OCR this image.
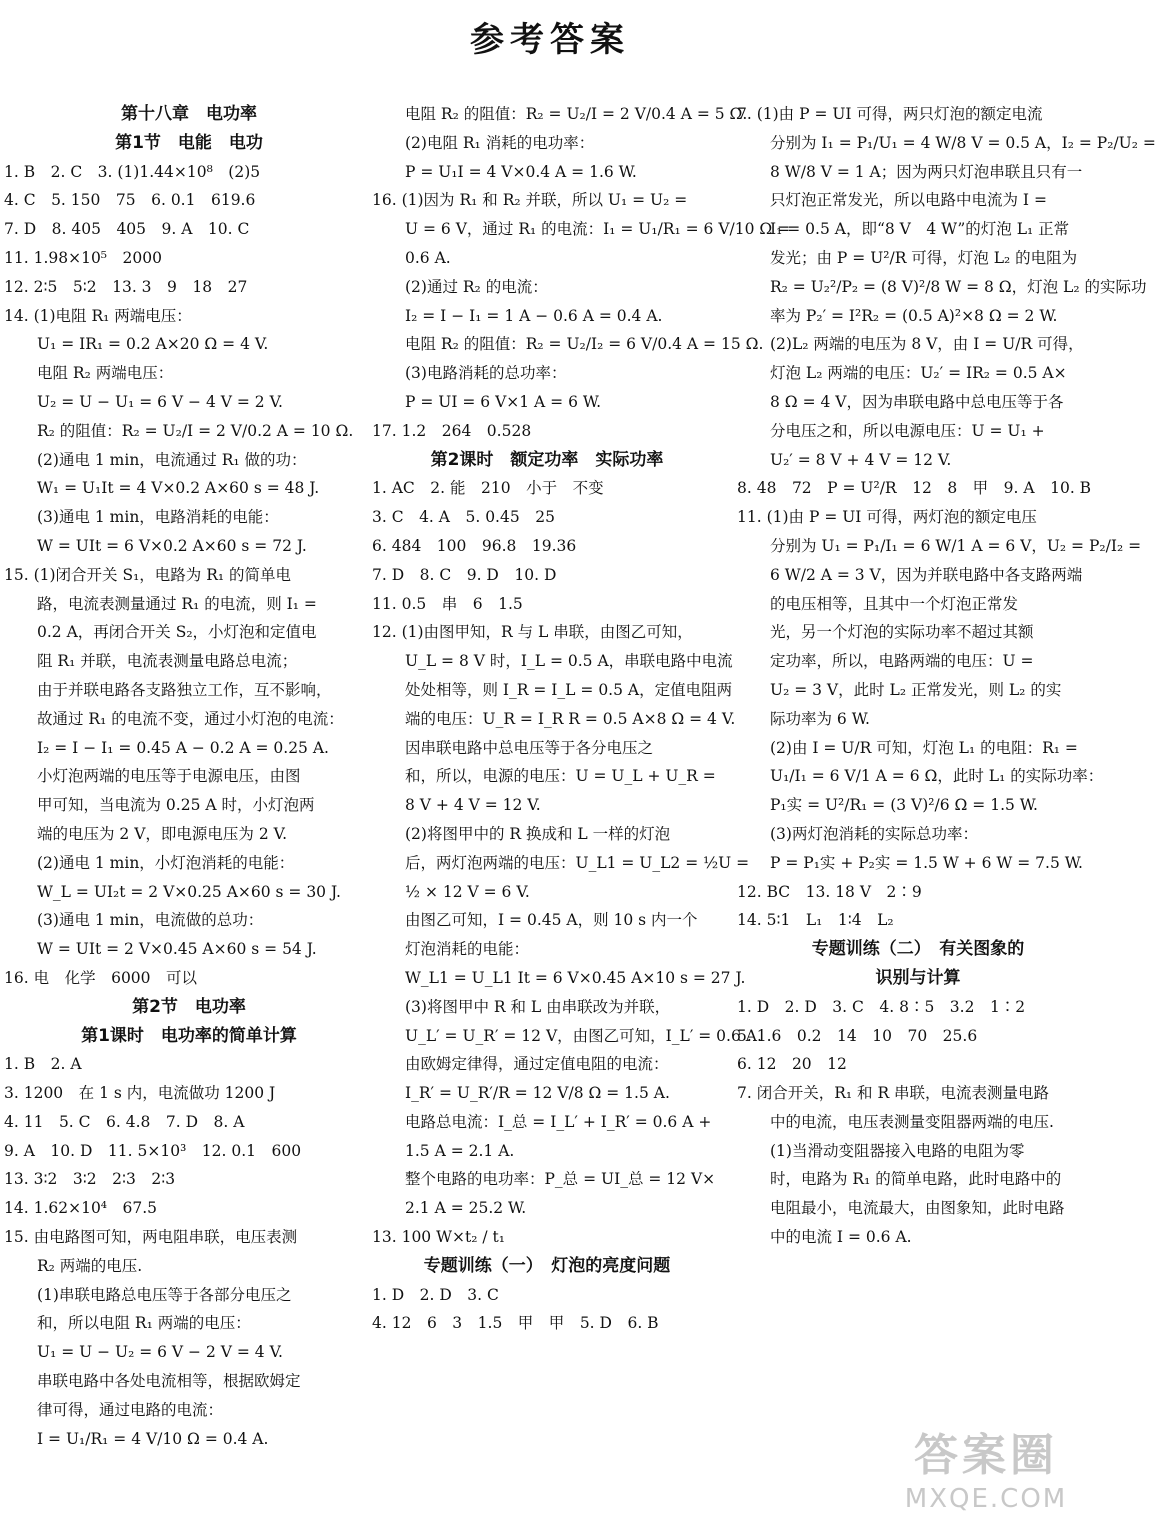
参考答案
第十八章　电功率
第1节　电能　电功
1. B　2. C　3. (1)1.44×10⁸　(2)5
4. C　5. 150　75　6. 0.1　619.6
7. D　8. 405　405　9. A　10. C
11. 1.98×10⁵　2000
12. 2∶5　5∶2　13. 3　9　18　27
14. (1)电阻 R₁ 两端电压：
U₁ = IR₁ = 0.2 A×20 Ω = 4 V.
电阻 R₂ 两端电压：
U₂ = U − U₁ = 6 V − 4 V = 2 V.
R₂ 的阻值：R₂ = U₂/I = 2 V/0.2 A = 10 Ω.
(2)通电 1 min，电流通过 R₁ 做的功：
W₁ = U₁It = 4 V×0.2 A×60 s = 48 J.
(3)通电 1 min，电路消耗的电能：
W = UIt = 6 V×0.2 A×60 s = 72 J.
15. (1)闭合开关 S₁，电路为 R₁ 的简单电
路，电流表测量通过 R₁ 的电流，则 I₁ =
0.2 A，再闭合开关 S₂，小灯泡和定值电
阻 R₁ 并联，电流表测量电路总电流；
由于并联电路各支路独立工作，互不影响，
故通过 R₁ 的电流不变，通过小灯泡的电流：
I₂ = I − I₁ = 0.45 A − 0.2 A = 0.25 A.
小灯泡两端的电压等于电源电压，由图
甲可知，当电流为 0.25 A 时，小灯泡两
端的电压为 2 V，即电源电压为 2 V.
(2)通电 1 min，小灯泡消耗的电能：
W_L = UI₂t = 2 V×0.25 A×60 s = 30 J.
(3)通电 1 min，电流做的总功：
W = UIt = 2 V×0.45 A×60 s = 54 J.
16. 电　化学　6000　可以
第2节　电功率
第1课时　电功率的简单计算
1. B　2. A
3. 1200　在 1 s 内，电流做功 1200 J
4. 11　5. C　6. 4.8　7. D　8. A
9. A　10. D　11. 5×10³　12. 0.1　600
13. 3∶2　3∶2　2∶3　2∶3
14. 1.62×10⁴　67.5
15. 由电路图可知，两电阻串联，电压表测
R₂ 两端的电压.
(1)串联电路总电压等于各部分电压之
和，所以电阻 R₁ 两端的电压：
U₁ = U − U₂ = 6 V − 2 V = 4 V.
串联电路中各处电流相等，根据欧姆定
律可得，通过电路的电流：
I = U₁/R₁ = 4 V/10 Ω = 0.4 A.
电阻 R₂ 的阻值：R₂ = U₂/I = 2 V/0.4 A = 5 Ω.
(2)电阻 R₁ 消耗的电功率：
P = U₁I = 4 V×0.4 A = 1.6 W.
16. (1)因为 R₁ 和 R₂ 并联，所以 U₁ = U₂ =
U = 6 V，通过 R₁ 的电流：I₁ = U₁/R₁ = 6 V/10 Ω =
0.6 A.
(2)通过 R₂ 的电流：
I₂ = I − I₁ = 1 A − 0.6 A = 0.4 A.
电阻 R₂ 的阻值：R₂ = U₂/I₂ = 6 V/0.4 A = 15 Ω.
(3)电路消耗的总功率：
P = UI = 6 V×1 A = 6 W.
17. 1.2　264　0.528
第2课时　额定功率　实际功率
1. AC　2. 能　210　小于　不变
3. C　4. A　5. 0.45　25
6. 484　100　96.8　19.36
7. D　8. C　9. D　10. D
11. 0.5　串　6　1.5
12. (1)由图甲知，R 与 L 串联，由图乙可知，
U_L = 8 V 时，I_L = 0.5 A，串联电路中电流
处处相等，则 I_R = I_L = 0.5 A，定值电阻两
端的电压：U_R = I_R R = 0.5 A×8 Ω = 4 V.
因串联电路中总电压等于各分电压之
和，所以，电源的电压：U = U_L + U_R =
8 V + 4 V = 12 V.
(2)将图甲中的 R 换成和 L 一样的灯泡
后，两灯泡两端的电压：U_L1 = U_L2 = ½U =
½ × 12 V = 6 V.
由图乙可知，I = 0.45 A，则 10 s 内一个
灯泡消耗的电能：
W_L1 = U_L1 It = 6 V×0.45 A×10 s = 27 J.
(3)将图甲中 R 和 L 由串联改为并联，
U_L′ = U_R′ = 12 V，由图乙可知，I_L′ = 0.6 A.
由欧姆定律得，通过定值电阻的电流：
I_R′ = U_R′/R = 12 V/8 Ω = 1.5 A.
电路总电流：I_总 = I_L′ + I_R′ = 0.6 A +
1.5 A = 2.1 A.
整个电路的电功率：P_总 = UI_总 = 12 V×
2.1 A = 25.2 W.
13. 100 W×t₂ / t₁
专题训练（一）　灯泡的亮度问题
1. D　2. D　3. C
4. 12　6　3　1.5　甲　甲　5. D　6. B
7. (1)由 P = UI 可得，两只灯泡的额定电流
分别为 I₁ = P₁/U₁ = 4 W/8 V = 0.5 A，I₂ = P₂/U₂ =
8 W/8 V = 1 A；因为两只灯泡串联且只有一
只灯泡正常发光，所以电路中电流为 I =
I₁ = 0.5 A，即“8 V　4 W”的灯泡 L₁ 正常
发光；由 P = U²/R 可得，灯泡 L₂ 的电阻为
R₂ = U₂²/P₂ = (8 V)²/8 W = 8 Ω，灯泡 L₂ 的实际功
率为 P₂′ = I²R₂ = (0.5 A)²×8 Ω = 2 W.
(2)L₂ 两端的电压为 8 V，由 I = U/R 可得，
灯泡 L₂ 两端的电压：U₂′ = IR₂ = 0.5 A×
8 Ω = 4 V，因为串联电路中总电压等于各
分电压之和，所以电源电压：U = U₁ +
U₂′ = 8 V + 4 V = 12 V.
8. 48　72　P = U²/R　12　8　甲　9. A　10. B
11. (1)由 P = UI 可得，两灯泡的额定电压
分别为 U₁ = P₁/I₁ = 6 W/1 A = 6 V，U₂ = P₂/I₂ =
6 W/2 A = 3 V，因为并联电路中各支路两端
的电压相等，且其中一个灯泡正常发
光，另一个灯泡的实际功率不超过其额
定功率，所以，电路两端的电压：U =
U₂ = 3 V，此时 L₂ 正常发光，则 L₂ 的实
际功率为 6 W.
(2)由 I = U/R 可知，灯泡 L₁ 的电阻：R₁ =
U₁/I₁ = 6 V/1 A = 6 Ω，此时 L₁ 的实际功率：
P₁实 = U²/R₁ = (3 V)²/6 Ω = 1.5 W.
(3)两灯泡消耗的实际总功率：
P = P₁实 + P₂实 = 1.5 W + 6 W = 7.5 W.
12. BC　13. 18 V　2∶9
14. 5∶1　L₁　1∶4　L₂
专题训练（二）　有关图象的
识别与计算
1. D　2. D　3. C　4. 8∶5　3.2　1∶2
5. 1.6　0.2　14　10　70　25.6
6. 12　20　12
7. 闭合开关，R₁ 和 R 串联，电流表测量电路
中的电流，电压表测量变阻器两端的电压.
(1)当滑动变阻器接入电路的电阻为零
时，电路为 R₁ 的简单电路，此时电路中的
电阻最小，电流最大，由图象知，此时电路
中的电流 I = 0.6 A.
答案圈
MXQE.COM
